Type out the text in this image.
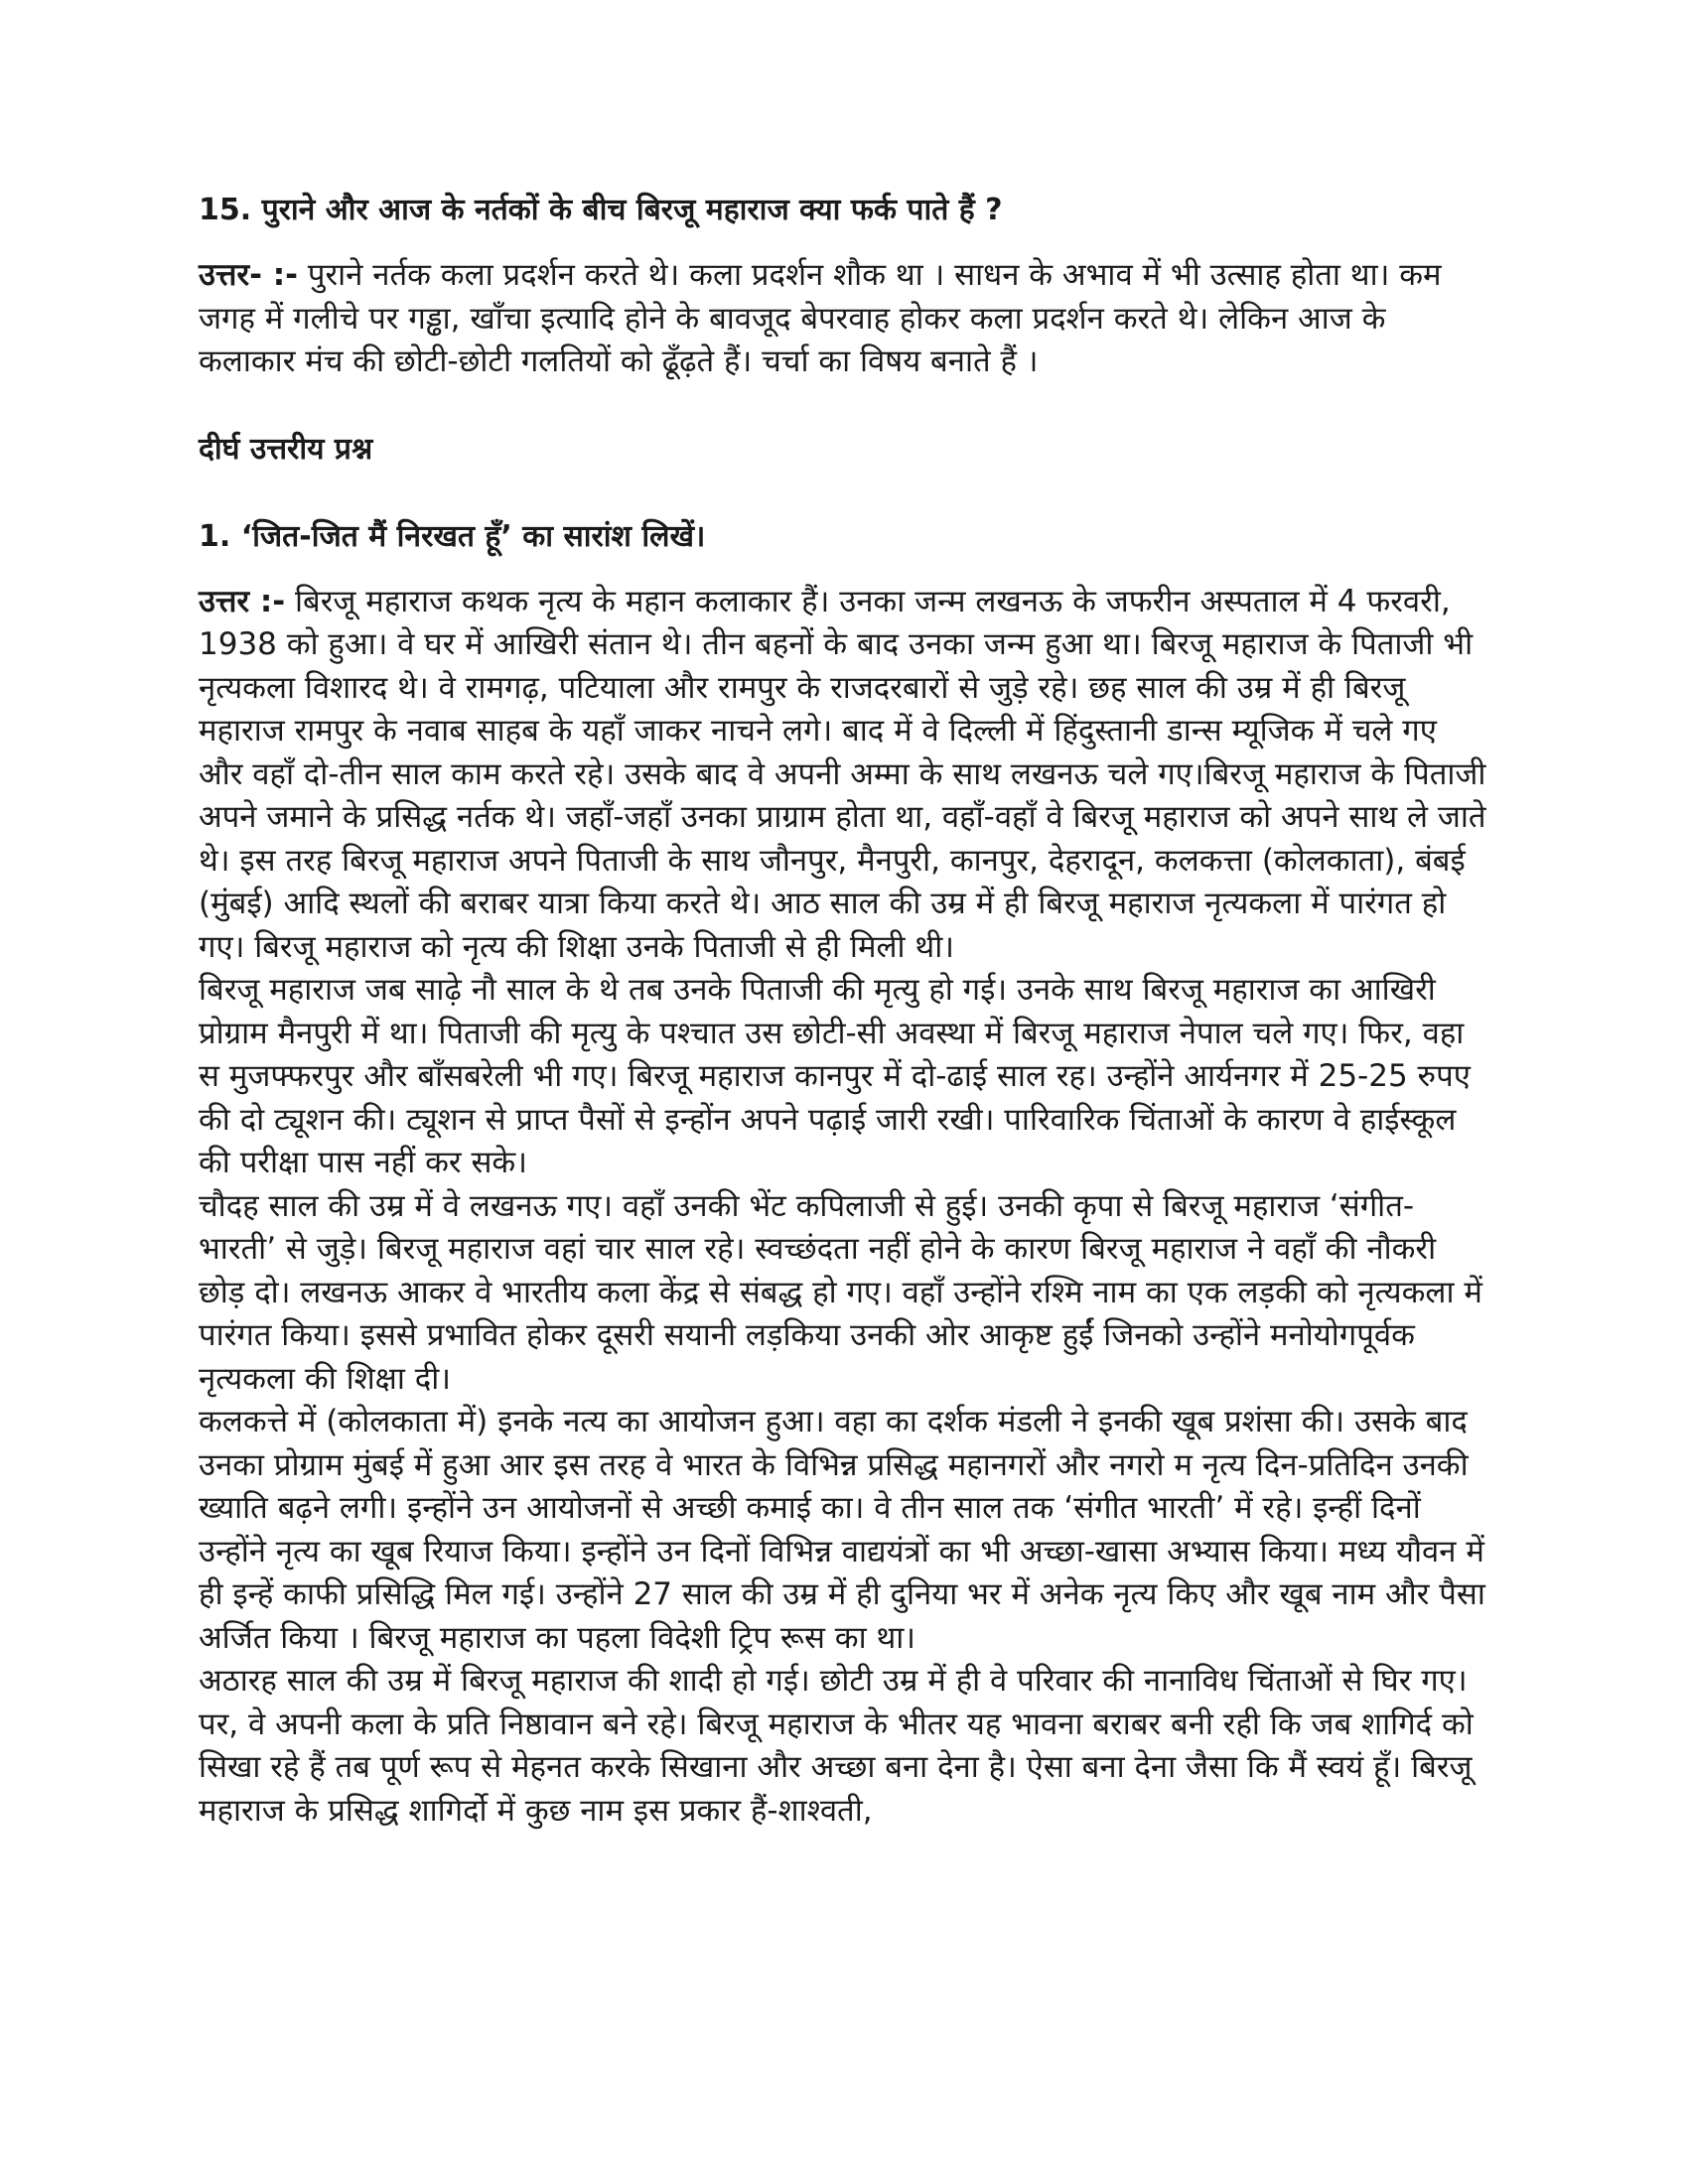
15. पुराने और आज के नर्तकों के बीच बिरजू महाराज क्या फर्क पाते हैं ?

उत्तर- :- पुराने नर्तक कला प्रदर्शन करते थे। कला प्रदर्शन शौक था । साधन के अभाव में भी उत्साह होता था। कम जगह में गलीचे पर गड्ढा, खाँचा इत्यादि होने के बावजूद बेपरवाह होकर कला प्रदर्शन करते थे। लेकिन आज के कलाकार मंच की छोटी-छोटी गलतियों को ढूँढ़ते हैं। चर्चा का विषय बनाते हैं ।

दीर्घ उत्तरीय प्रश्न
1. ‘जित-जित मैं निरखत हूँ’ का सारांश लिखें।

उत्तर :- बिरजू महाराज कथक नृत्य के महान कलाकार हैं। उनका जन्म लखनऊ के जफरीन अस्पताल में 4 फरवरी, 1938 को हुआ। वे घर में आखिरी संतान थे। तीन बहनों के बाद उनका जन्म हुआ था। बिरजू महाराज के पिताजी भी नृत्यकला विशारद थे। वे रामगढ़, पटियाला और रामपुर के राजदरबारों से जुड़े रहे। छह साल की उम्र में ही बिरजू महाराज रामपुर के नवाब साहब के यहाँ जाकर नाचने लगे। बाद में वे दिल्ली में हिंदुस्तानी डान्स म्यूजिक में चले गए और वहाँ दो-तीन साल काम करते रहे। उसके बाद वे अपनी अम्मा के साथ लखनऊ चले गए।बिरजू महाराज के पिताजी अपने जमाने के प्रसिद्ध नर्तक थे। जहाँ-जहाँ उनका प्राग्राम होता था, वहाँ-वहाँ वे बिरजू महाराज को अपने साथ ले जाते थे। इस तरह बिरजू महाराज अपने पिताजी के साथ जौनपुर, मैनपुरी, कानपुर, देहरादून, कलकत्ता (कोलकाता), बंबई (मुंबई) आदि स्थलों की बराबर यात्रा किया करते थे। आठ साल की उम्र में ही बिरजू महाराज नृत्यकला में पारंगत हो गए। बिरजू महाराज को नृत्य की शिक्षा उनके पिताजी से ही मिली थी।

बिरजू महाराज जब साढ़े नौ साल के थे तब उनके पिताजी की मृत्यु हो गई। उनके साथ बिरजू महाराज का आखिरी प्रोग्राम मैनपुरी में था। पिताजी की मृत्यु के पश्चात उस छोटी-सी अवस्था में बिरजू महाराज नेपाल चले गए। फिर, वहा स मुजफ्फरपुर और बाँसबरेली भी गए। बिरजू महाराज कानपुर में दो-ढाई साल रह। उन्होंने आर्यनगर में 25-25 रुपए की दो ट्यूशन की। ट्यूशन से प्राप्त पैसों से इन्होंन अपने पढ़ाई जारी रखी। पारिवारिक चिंताओं के कारण वे हाईस्कूल की परीक्षा पास नहीं कर सके।

चौदह साल की उम्र में वे लखनऊ गए। वहाँ उनकी भेंट कपिलाजी से हुई। उनकी कृपा से बिरजू महाराज ‘संगीत-भारती’ से जुड़े। बिरजू महाराज वहां चार साल रहे। स्वच्छंदता नहीं होने के कारण बिरजू महाराज ने वहाँ की नौकरी छोड़ दो। लखनऊ आकर वे भारतीय कला केंद्र से संबद्ध हो गए। वहाँ उन्होंने रश्मि नाम का एक लड़की को नृत्यकला में पारंगत किया। इससे प्रभावित होकर दूसरी सयानी लड़किया उनकी ओर आकृष्ट हुईं जिनको उन्होंने मनोयोगपूर्वक नृत्यकला की शिक्षा दी।

कलकत्ते में (कोलकाता में) इनके नत्य का आयोजन हुआ। वहा का दर्शक मंडली ने इनकी खूब प्रशंसा की। उसके बाद उनका प्रोग्राम मुंबई में हुआ आर इस तरह वे भारत के विभिन्न प्रसिद्ध महानगरों और नगरो म नृत्य दिन-प्रतिदिन उनकी ख्याति बढ़ने लगी। इन्होंने उन आयोजनों से अच्छी कमाई का। वे तीन साल तक ‘संगीत भारती’ में रहे। इन्हीं दिनों उन्होंने नृत्य का खूब रियाज किया। इन्होंने उन दिनों विभिन्न वाद्ययंत्रों का भी अच्छा-खासा अभ्यास किया। मध्य यौवन में ही इन्हें काफी प्रसिद्धि मिल गई। उन्होंने 27 साल की उम्र में ही दुनिया भर में अनेक नृत्य किए और खूब नाम और पैसा अर्जित किया । बिरजू महाराज का पहला विदेशी ट्रिप रूस का था।

अठारह साल की उम्र में बिरजू महाराज की शादी हो गई। छोटी उम्र में ही वे परिवार की नानाविध चिंताओं से घिर गए। पर, वे अपनी कला के प्रति निष्ठावान बने रहे। बिरजू महाराज के भीतर यह भावना बराबर बनी रही कि जब शागिर्द को सिखा रहे हैं तब पूर्ण रूप से मेहनत करके सिखाना और अच्छा बना देना है। ऐसा बना देना जैसा कि मैं स्वयं हूँ। बिरजू महाराज के प्रसिद्ध शागिर्दो में कुछ नाम इस प्रकार हैं-शाश्वती,
